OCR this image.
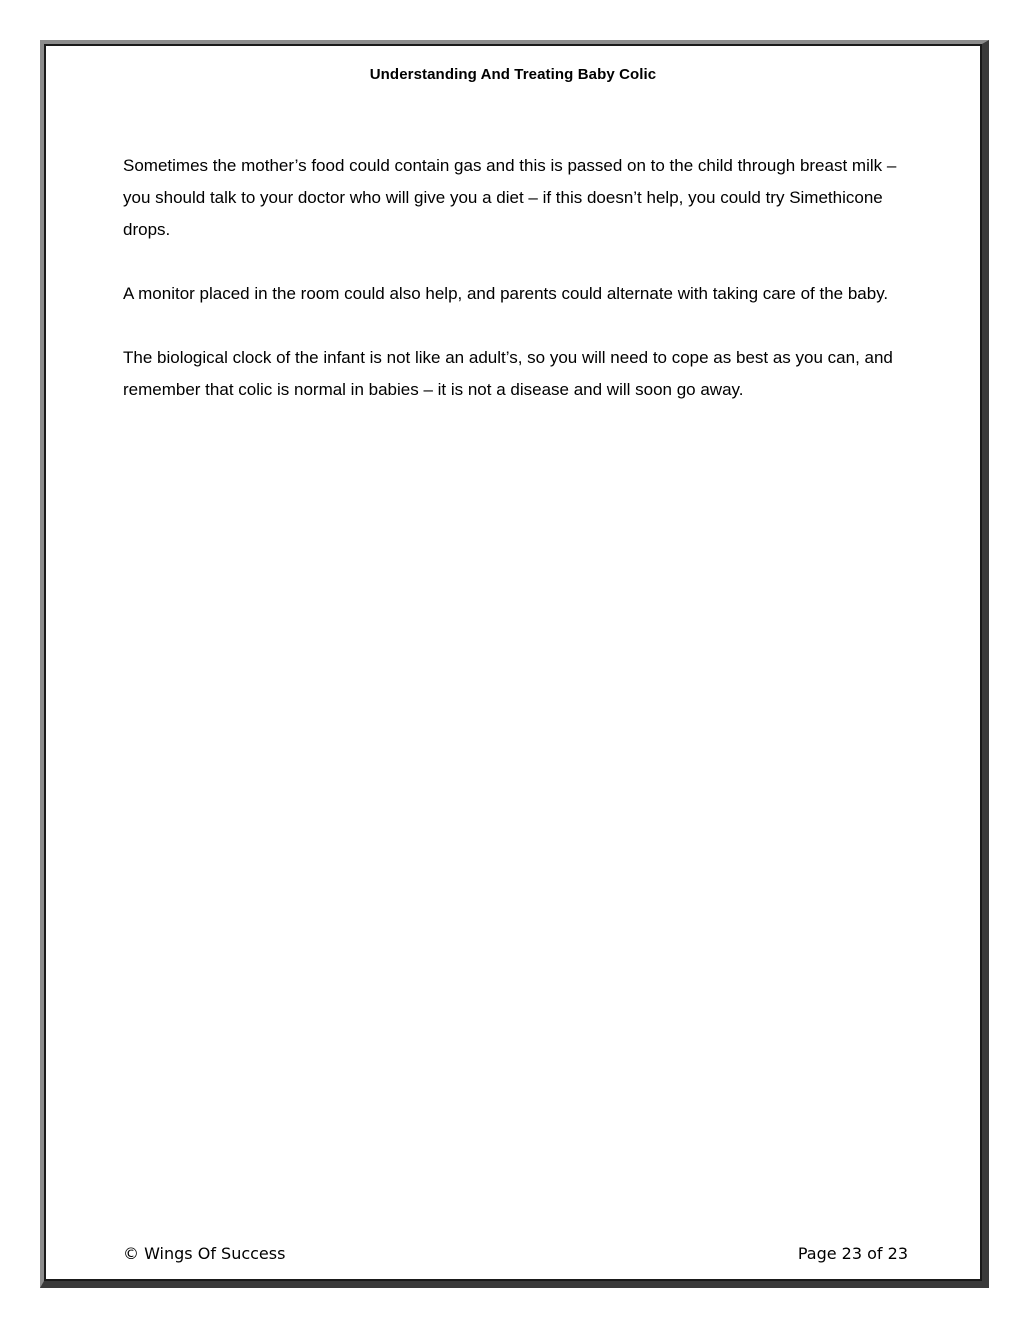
Understanding And Treating Baby Colic

Sometimes the mother’s food could contain gas and this is passed on to the child through breast milk – you should talk to your doctor who will give you a diet – if this doesn’t help, you could try Simethicone drops.

A monitor placed in the room could also help, and parents could alternate with taking care of the baby.

The biological clock of the infant is not like an adult’s, so you will need to cope as best as you can, and remember that colic is normal in babies – it is not a disease and will soon go away.

© Wings Of Success	Page 23 of 23
